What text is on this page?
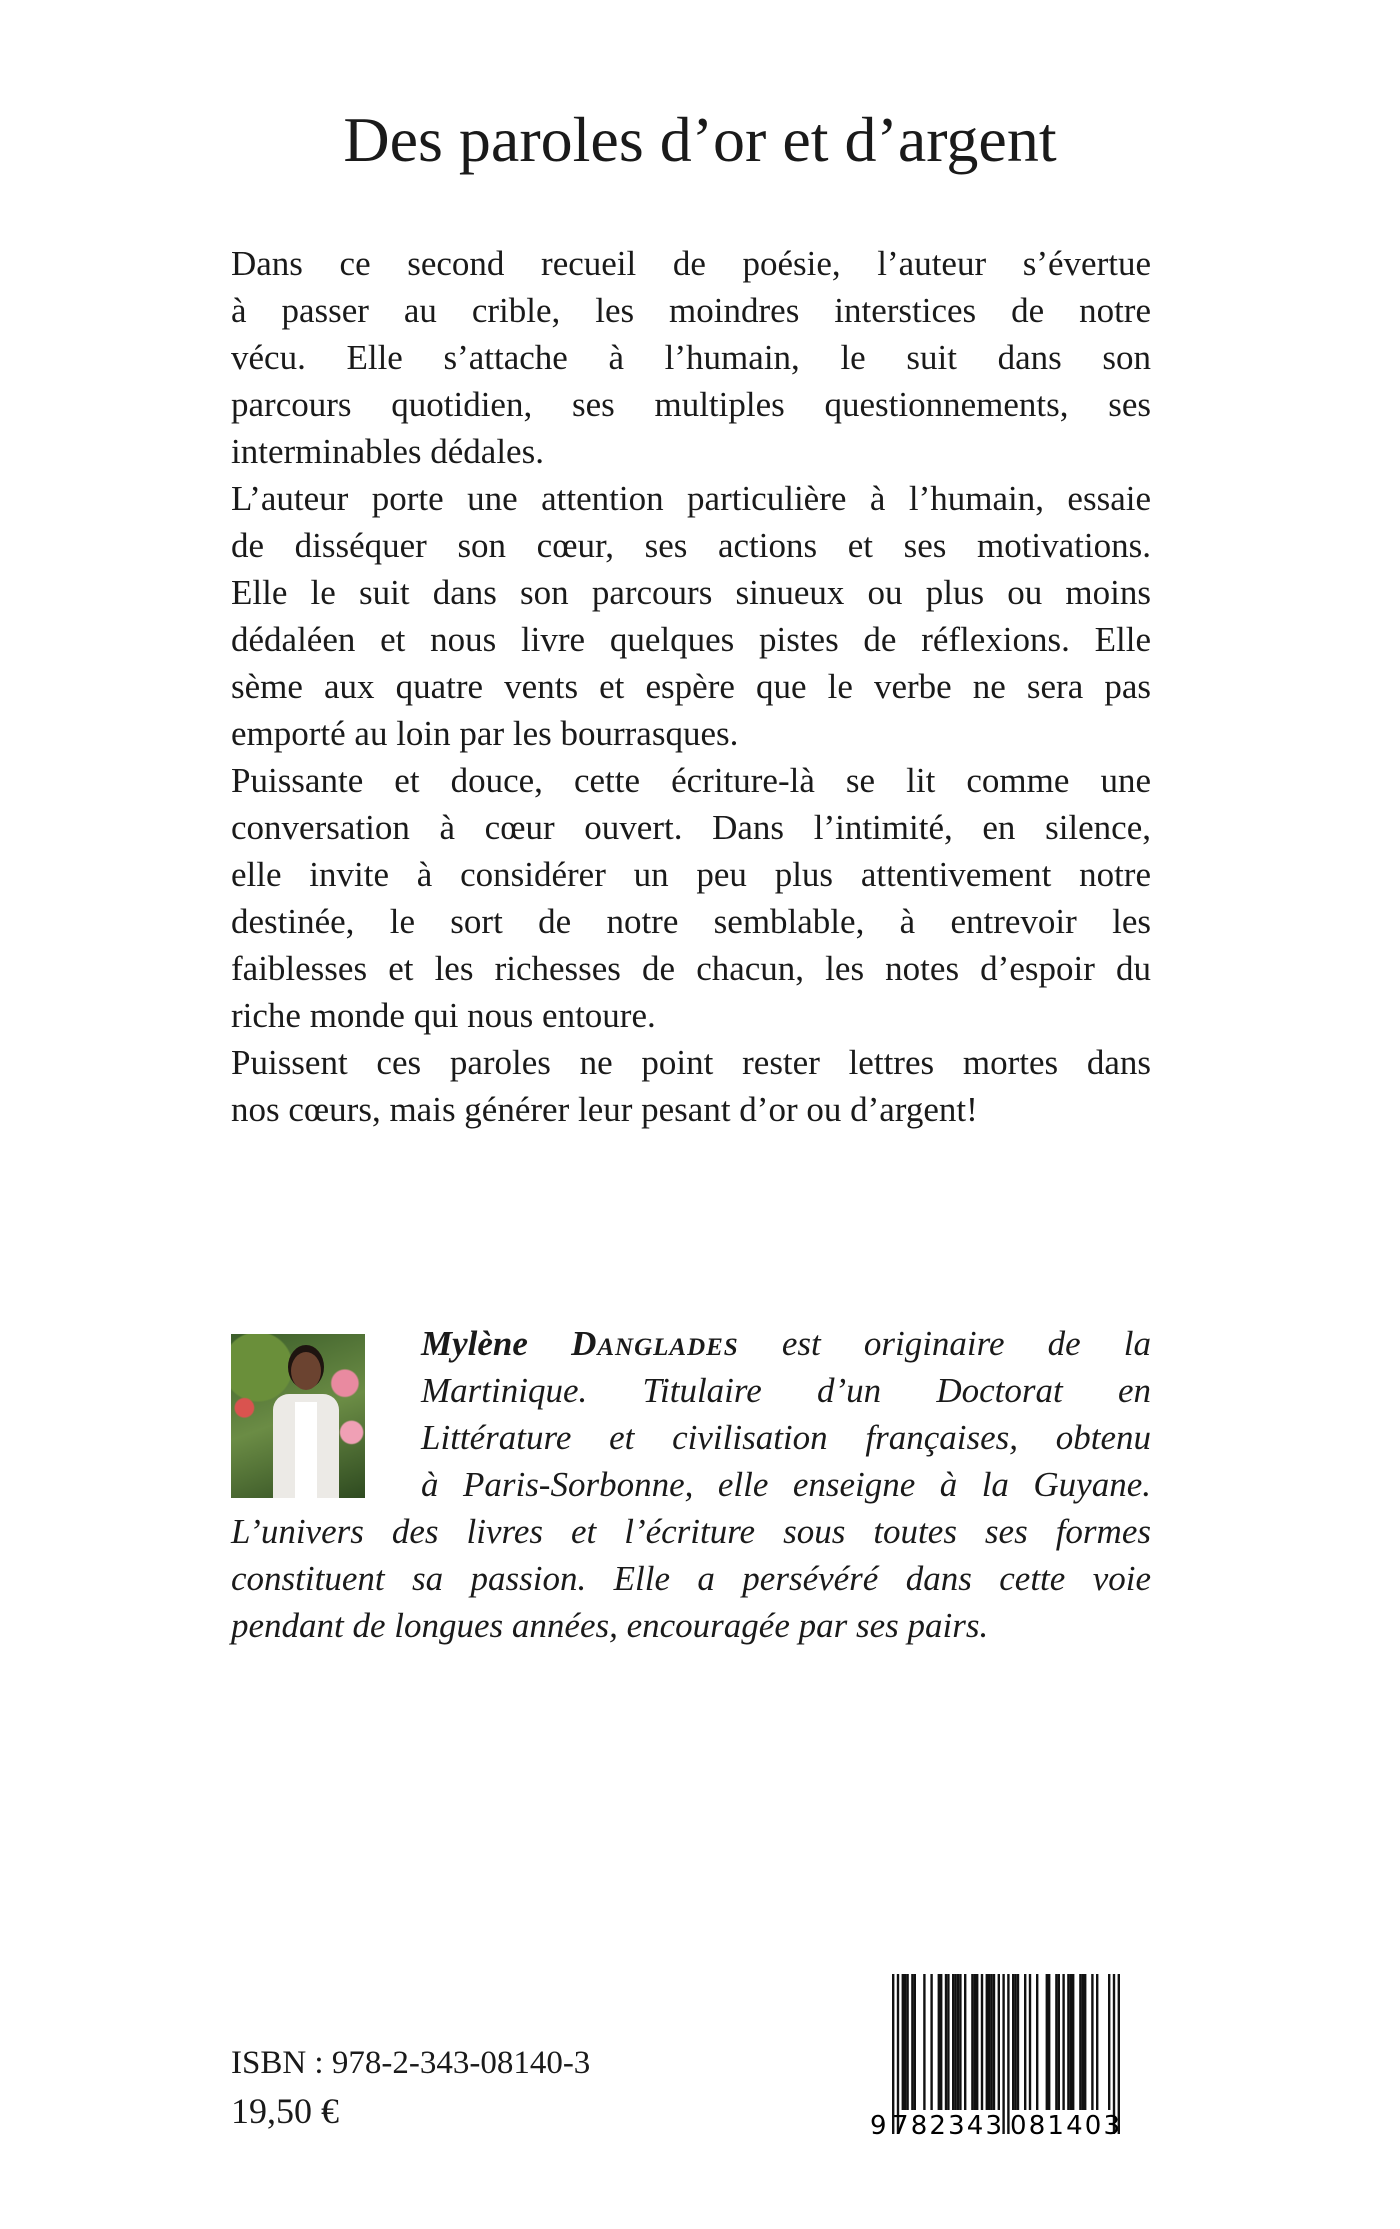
Des paroles d’or et d’argent
Dans ce second recueil de poésie, l’auteur s’évertue
à passer au crible, les moindres interstices de notre
vécu. Elle s’attache à l’humain, le suit dans son
parcours quotidien, ses multiples questionnements, ses
interminables dédales.
L’auteur porte une attention particulière à l’humain, essaie
de disséquer son cœur, ses actions et ses motivations.
Elle le suit dans son parcours sinueux ou plus ou moins
dédaléen et nous livre quelques pistes de réflexions. Elle
sème aux quatre vents et espère que le verbe ne sera pas
emporté au loin par les bourrasques.
Puissante et douce, cette écriture-là se lit comme une
conversation à cœur ouvert. Dans l’intimité, en silence,
elle invite à considérer un peu plus attentivement notre
destinée, le sort de notre semblable, à entrevoir les
faiblesses et les richesses de chacun, les notes d’espoir du
riche monde qui nous entoure.
Puissent ces paroles ne point rester lettres mortes dans
nos cœurs, mais générer leur pesant d’or ou d’argent!
Mylène Danglades est originaire de la
Martinique. Titulaire d’un Doctorat en
Littérature et civilisation françaises, obtenu
à Paris-Sorbonne, elle enseigne à la Guyane.
L’univers des livres et l’écriture sous toutes ses formes
constituent sa passion. Elle a persévéré dans cette voie
pendant de longues années, encouragée par ses pairs.
ISBN : 978-2-343-08140-3
19,50 €	9 782343 081403
